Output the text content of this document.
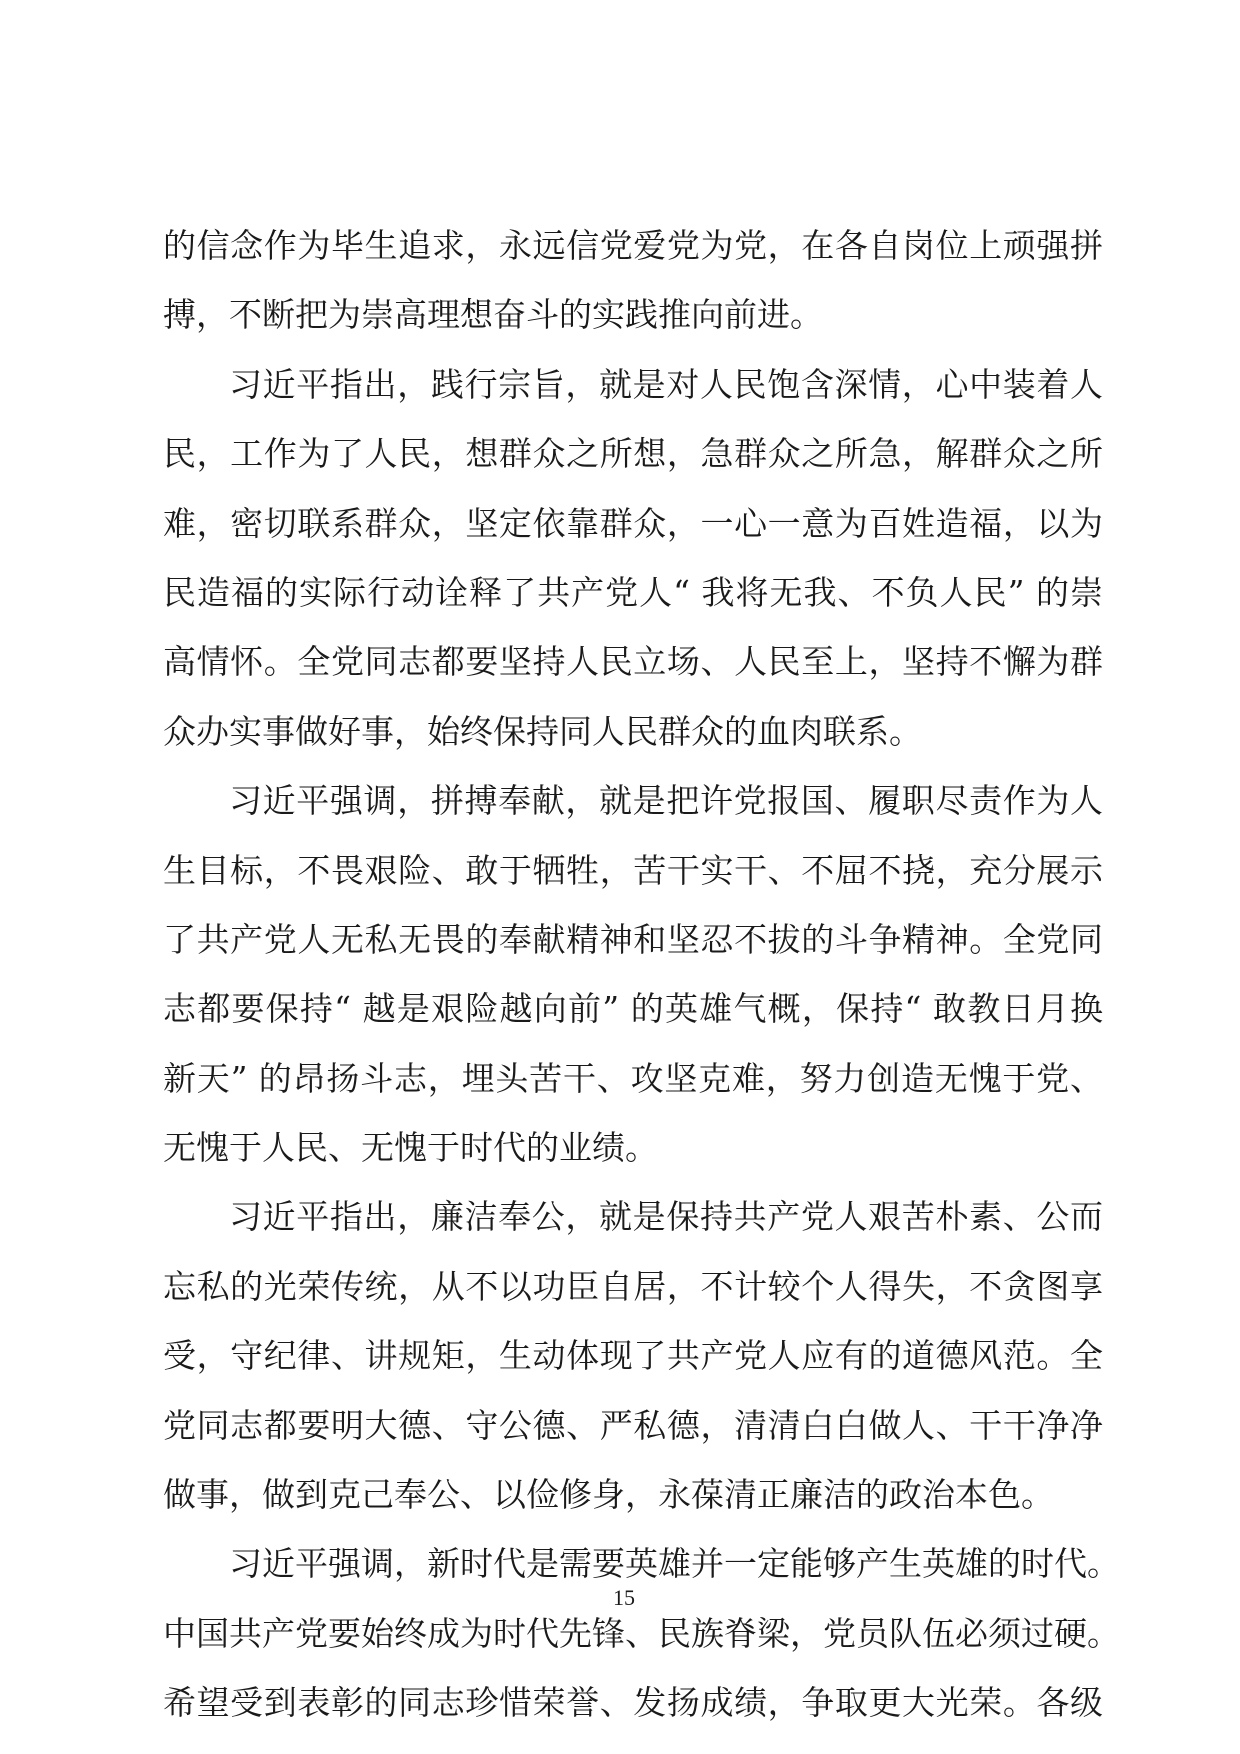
的信念作为毕生追求，永远信党爱党为党，在各自岗位上顽强拼
搏，不断把为崇高理想奋斗的实践推向前进。
习近平指出，践行宗旨，就是对人民饱含深情，心中装着人
民，工作为了人民，想群众之所想，急群众之所急，解群众之所
难，密切联系群众，坚定依靠群众，一心一意为百姓造福，以为
民造福的实际行动诠释了共产党人“ 我将无我、不负人民” 的崇
高情怀。全党同志都要坚持人民立场、人民至上，坚持不懈为群
众办实事做好事，始终保持同人民群众的血肉联系。
习近平强调，拼搏奉献，就是把许党报国、履职尽责作为人
生目标，不畏艰险、敢于牺牲，苦干实干、不屈不挠，充分展示
了共产党人无私无畏的奉献精神和坚忍不拔的斗争精神。全党同
志都要保持“ 越是艰险越向前” 的英雄气概，保持“ 敢教日月换
新天” 的昂扬斗志，埋头苦干、攻坚克难，努力创造无愧于党、
无愧于人民、无愧于时代的业绩。
习近平指出，廉洁奉公，就是保持共产党人艰苦朴素、公而
忘私的光荣传统，从不以功臣自居，不计较个人得失，不贪图享
受，守纪律、讲规矩，生动体现了共产党人应有的道德风范。全
党同志都要明大德、守公德、严私德，清清白白做人、干干净净
做事，做到克己奉公、以俭修身，永葆清正廉洁的政治本色。
习近平强调，新时代是需要英雄并一定能够产生英雄的时代。
中国共产党要始终成为时代先锋、民族脊梁，党员队伍必须过硬。
希望受到表彰的同志珍惜荣誉、发扬成绩，争取更大光荣。各级
15
